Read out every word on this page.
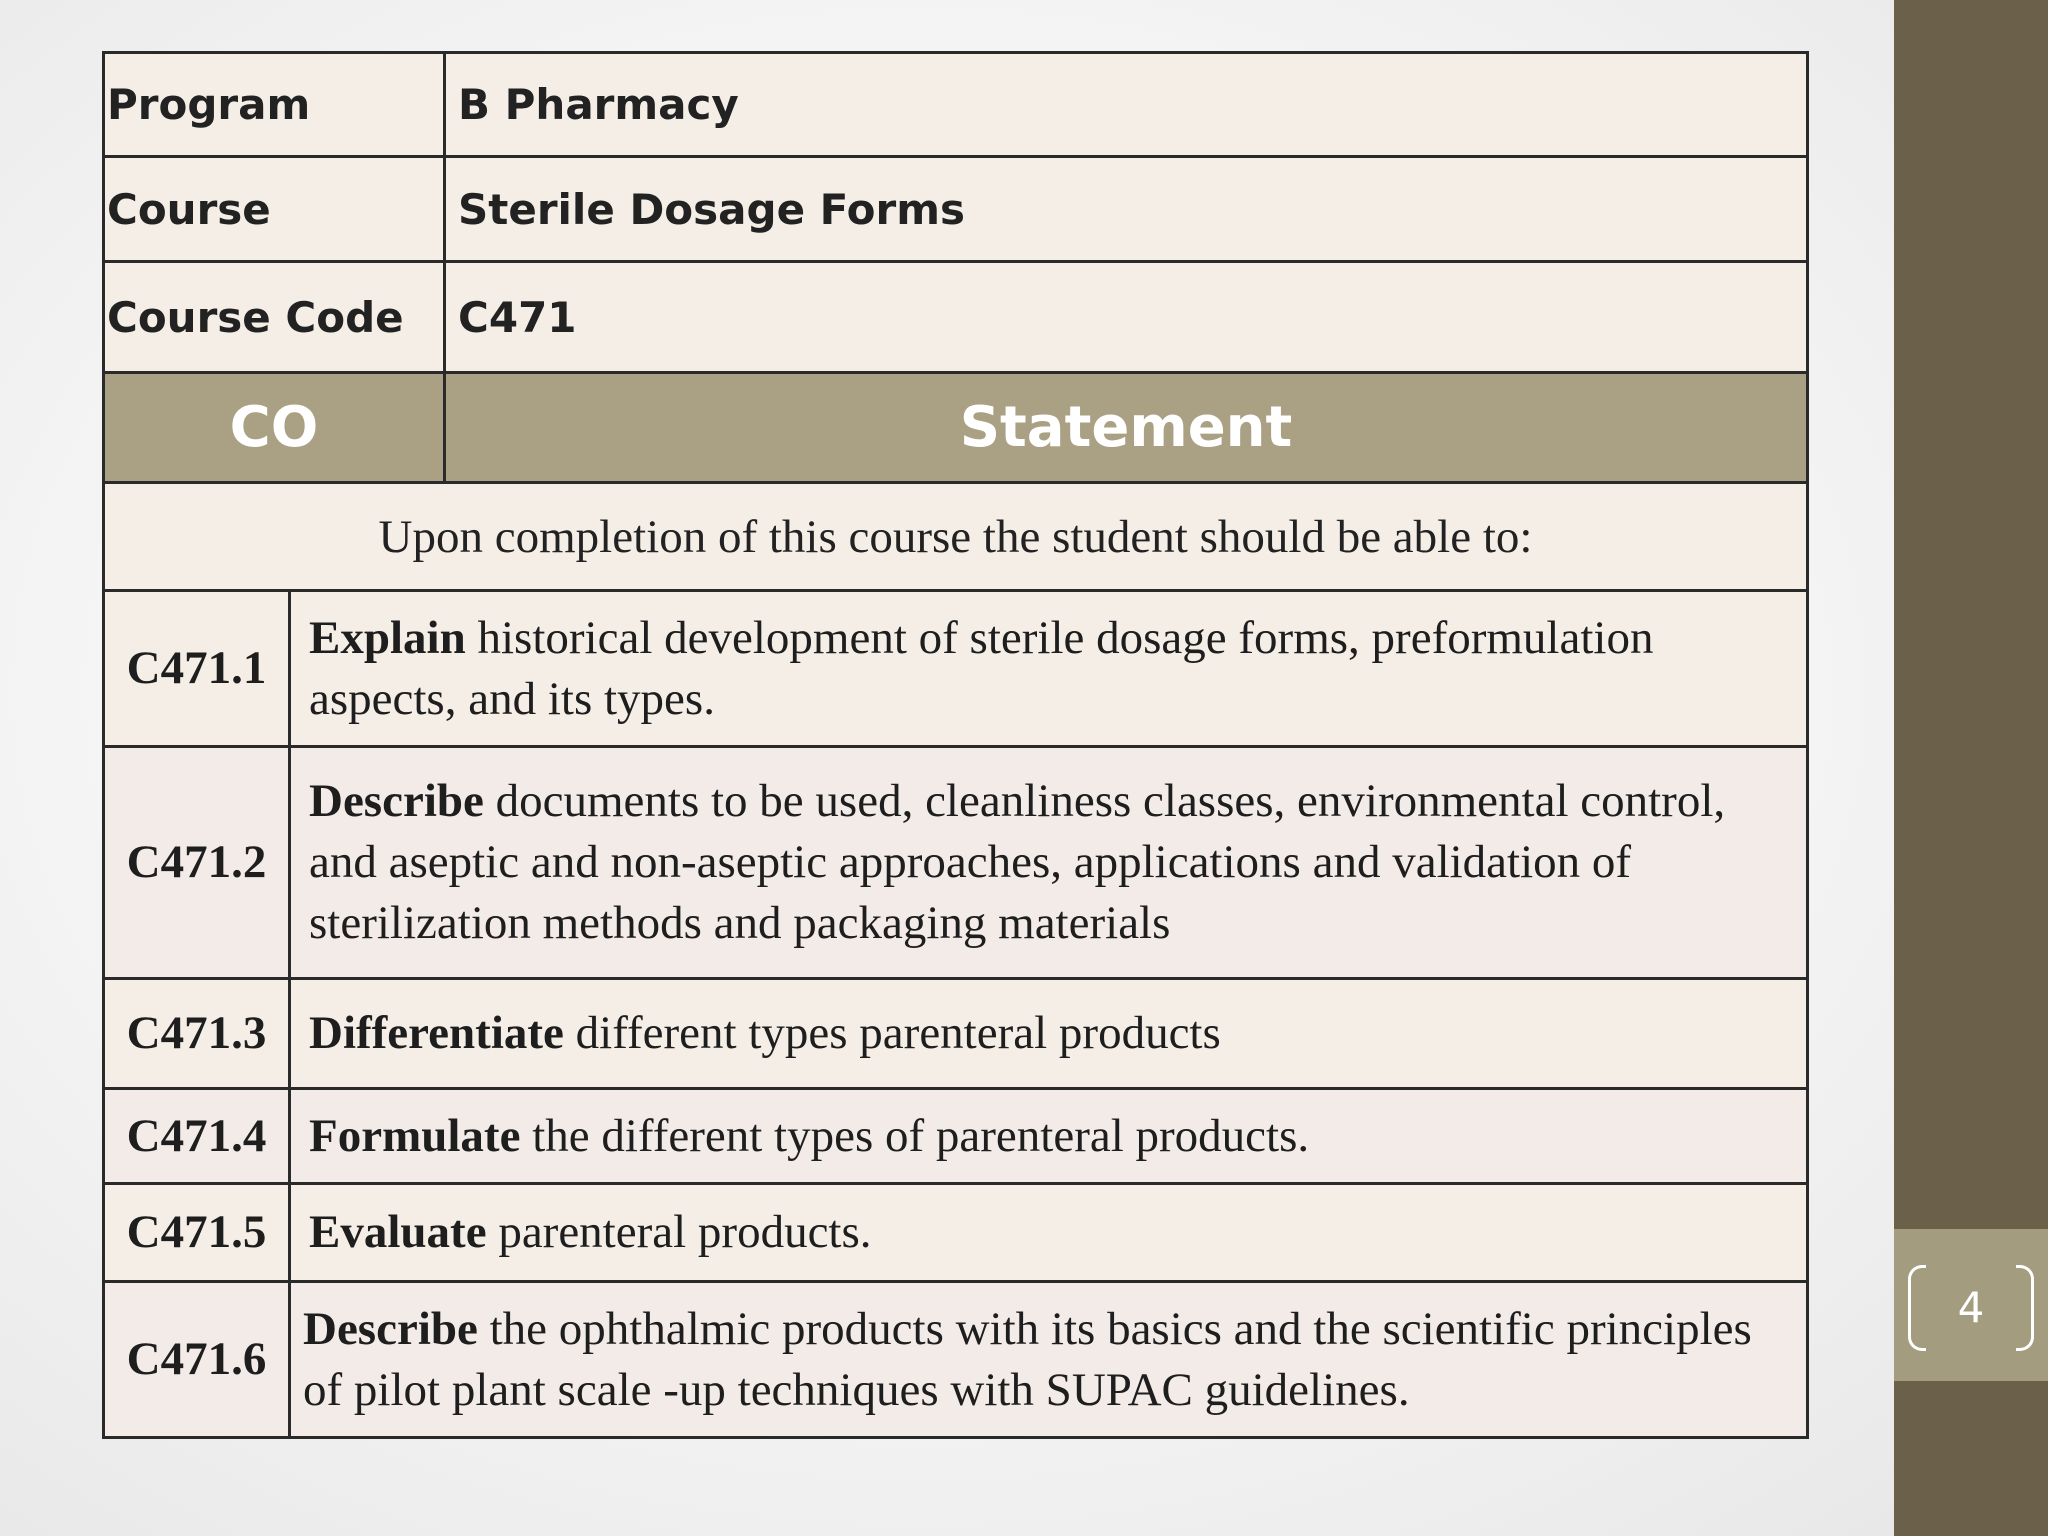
4
Program		B Pharmacy
Course		Sterile Dosage Forms
Course Code		C471
CO		Statement
Upon completion of this course the student should be able to:		
C471.1	Explain historical development of sterile dosage forms, preformulation aspects, and its types.	
C471.2	Describe documents to be used, cleanliness classes, environmental control, and aseptic and non-aseptic approaches, applications and validation of sterilization methods and packaging materials	
C471.3	Differentiate different types parenteral products	
C471.4	Formulate the different types of parenteral products.	
C471.5	Evaluate parenteral products.	
C471.6	Describe the ophthalmic products with its basics and the scientific principles of pilot plant scale -up techniques with SUPAC guidelines.	
